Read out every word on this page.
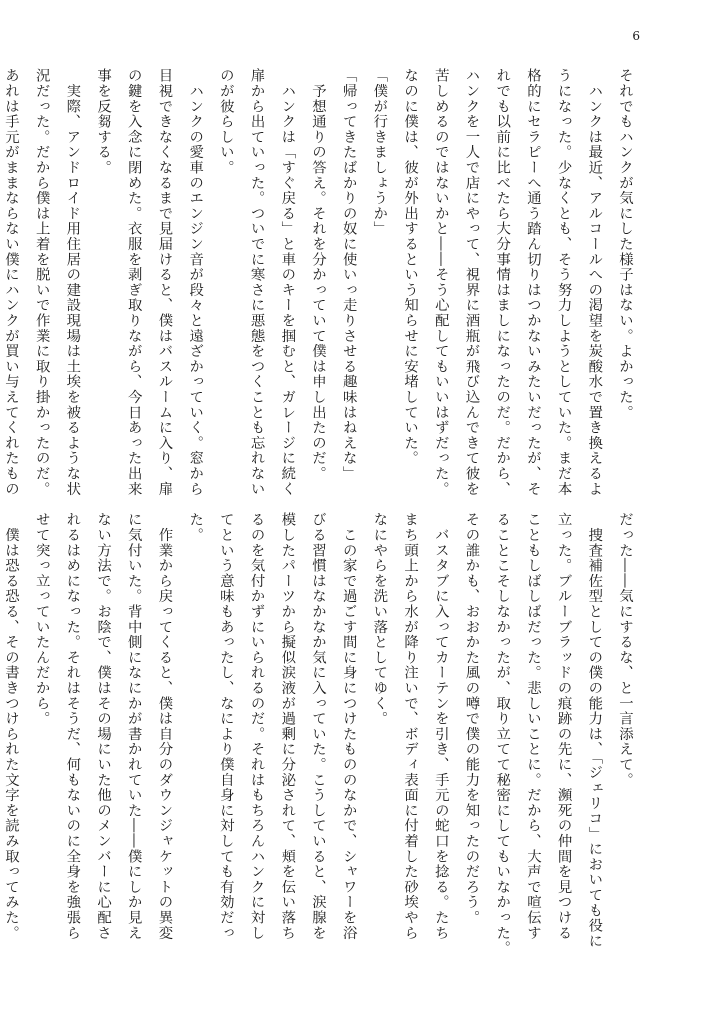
6
それでもハンクが気にした様子はない。よかった。
　ハンクは最近、アルコールへの渇望を炭酸水で置き換えるよ
うになった。少なくとも、そう努力しようとしていた。まだ本
格的にセラピーへ通う踏ん切りはつかないみたいだったが、そ
れでも以前に比べたら大分事情はましになったのだ。だから、
ハンクを一人で店にやって、視界に酒瓶が飛び込んできて彼を
苦しめるのではないかと――そう心配してもいいはずだった。
なのに僕は、彼が外出するという知らせに安堵していた。
「僕が行きましょうか」
「帰ってきたばかりの奴に使いっ走りさせる趣味はねえな」
　予想通りの答え。それを分かっていて僕は申し出たのだ。
　ハンクは「すぐ戻る」と車のキーを掴むと、ガレージに続く
扉から出ていった。ついでに寒さに悪態をつくことも忘れない
のが彼らしい。
　ハンクの愛車のエンジン音が段々と遠ざかっていく。窓から
目視できなくなるまで見届けると、僕はバスルームに入り、扉
の鍵を入念に閉めた。衣服を剥ぎ取りながら、今日あった出来
事を反芻する。
　実際、アンドロイド用住居の建設現場は土埃を被るような状
況だった。だから僕は上着を脱いで作業に取り掛かったのだ。
あれは手元がままならない僕にハンクが買い与えてくれたもの
だった――気にするな、と一言添えて。
　捜査補佐型としての僕の能力は、「ジェリコ」においても役に
立った。ブルーブラッドの痕跡の先に、瀕死の仲間を見つける
こともしばしばだった。悲しいことに。だから、大声で喧伝す
ることこそしなかったが、取り立てて秘密にしてもいなかった。
その誰かも、おおかた風の噂で僕の能力を知ったのだろう。
　バスタブに入ってカーテンを引き、手元の蛇口を捻る。たち
まち頭上から水が降り注いで、ボディ表面に付着した砂埃やら
なにやらを洗い落としてゆく。
　この家で過ごす間に身につけたもののなかで、シャワーを浴
びる習慣はなかなか気に入っていた。こうしていると、涙腺を
模したパーツから擬似涙液が過剰に分泌されて、頬を伝い落ち
るのを気付かずにいられるのだ。それはもちろんハンクに対し
てという意味もあったし、なにより僕自身に対しても有効だっ
た。
　作業から戻ってくると、僕は自分のダウンジャケットの異変
に気付いた。背中側になにかが書かれていた――僕にしか見え
ない方法で。お陰で、僕はその場にいた他のメンバーに心配さ
れるはめになった。それはそうだ、何もないのに全身を強張ら
せて突っ立っていたんだから。
　僕は恐る恐る、その書きつけられた文字を読み取ってみた。
